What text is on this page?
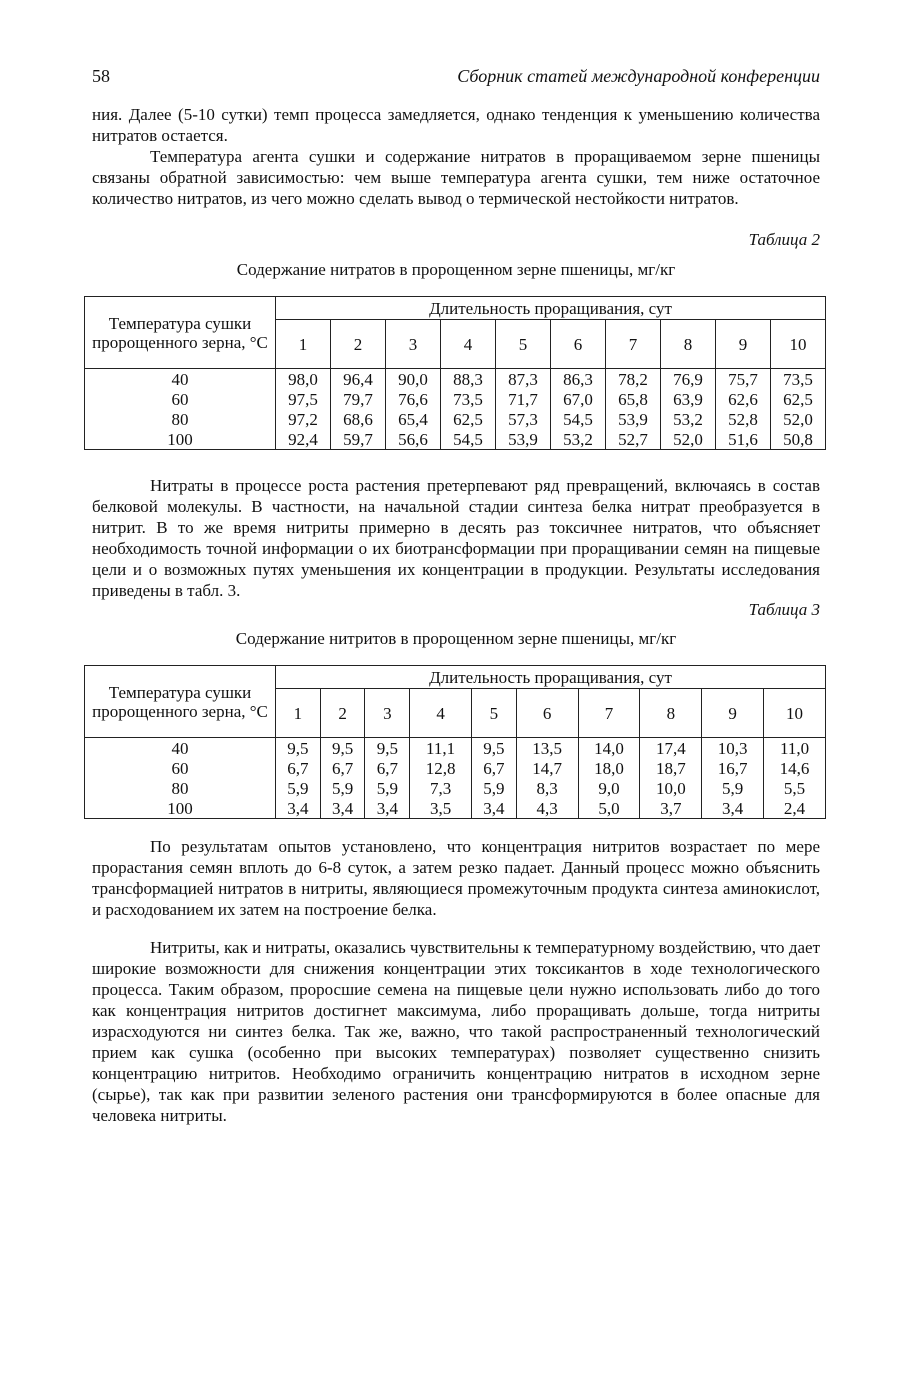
58	Сборник статей международной конференции
ния. Далее (5-10 сутки) темп процесса замедляется, однако тенденция к уменьшению количества нитратов остается.
Температура агента сушки и содержание нитратов в проращиваемом зерне пшеницы связаны обратной зависимостью: чем выше температура агента сушки, тем ниже остаточное количество нитратов, из чего можно сделать вывод о термической нестойкости нитратов.
Таблица 2
Содержание нитратов в пророщенном зерне пшеницы, мг/кг
Температура сушки пророщенного зерна, °С	Длительность проращивания, сут									
	1	2	3	4	5	6	7	8	9	10
40	98,0	96,4	90,0	88,3	87,3	86,3	78,2	76,9	75,7	73,5
60	97,5	79,7	76,6	73,5	71,7	67,0	65,8	63,9	62,6	62,5
80	97,2	68,6	65,4	62,5	57,3	54,5	53,9	53,2	52,8	52,0
100	92,4	59,7	56,6	54,5	53,9	53,2	52,7	52,0	51,6	50,8
Нитраты в процессе роста растения претерпевают ряд превращений, включаясь в состав белковой молекулы. В частности, на начальной стадии синтеза белка нитрат преобразуется в нитрит. В то же время нитриты примерно в десять раз токсичнее нитратов, что объясняет необходимость точной информации о их биотрансформации при проращивании семян на пищевые цели и о возможных путях уменьшения их концентрации в продукции. Результаты исследования приведены в табл. 3.
Таблица 3
Содержание нитритов в пророщенном зерне пшеницы, мг/кг
Температура сушки пророщенного зерна, °С	Длительность проращивания, сут									
	1	2	3	4	5	6	7	8	9	10
40	9,5	9,5	9,5	11,1	9,5	13,5	14,0	17,4	10,3	11,0
60	6,7	6,7	6,7	12,8	6,7	14,7	18,0	18,7	16,7	14,6
80	5,9	5,9	5,9	7,3	5,9	8,3	9,0	10,0	5,9	5,5
100	3,4	3,4	3,4	3,5	3,4	4,3	5,0	3,7	3,4	2,4
По результатам опытов установлено, что концентрация нитритов возрастает по мере прорастания семян вплоть до 6-8 суток, а затем резко падает. Данный процесс можно объяснить трансформацией нитратов в нитриты, являющиеся промежуточным продукта синтеза аминокислот, и расходованием их затем на построение белка.
Нитриты, как и нитраты, оказались чувствительны к температурному воздействию, что дает широкие возможности для снижения концентрации этих токсикантов в ходе технологического процесса. Таким образом, проросшие семена на пищевые цели нужно использовать либо до того как концентрация нитритов достигнет максимума, либо проращивать дольше, тогда нитриты израсходуются ни синтез белка. Так же, важно, что такой распространенный технологический прием как сушка (особенно при высоких температурах) позволяет существенно снизить концентрацию нитритов. Необходимо ограничить концентрацию нитратов в исходном зерне (сырье), так как при развитии зеленого растения они трансформируются в более опасные для человека нитриты.
